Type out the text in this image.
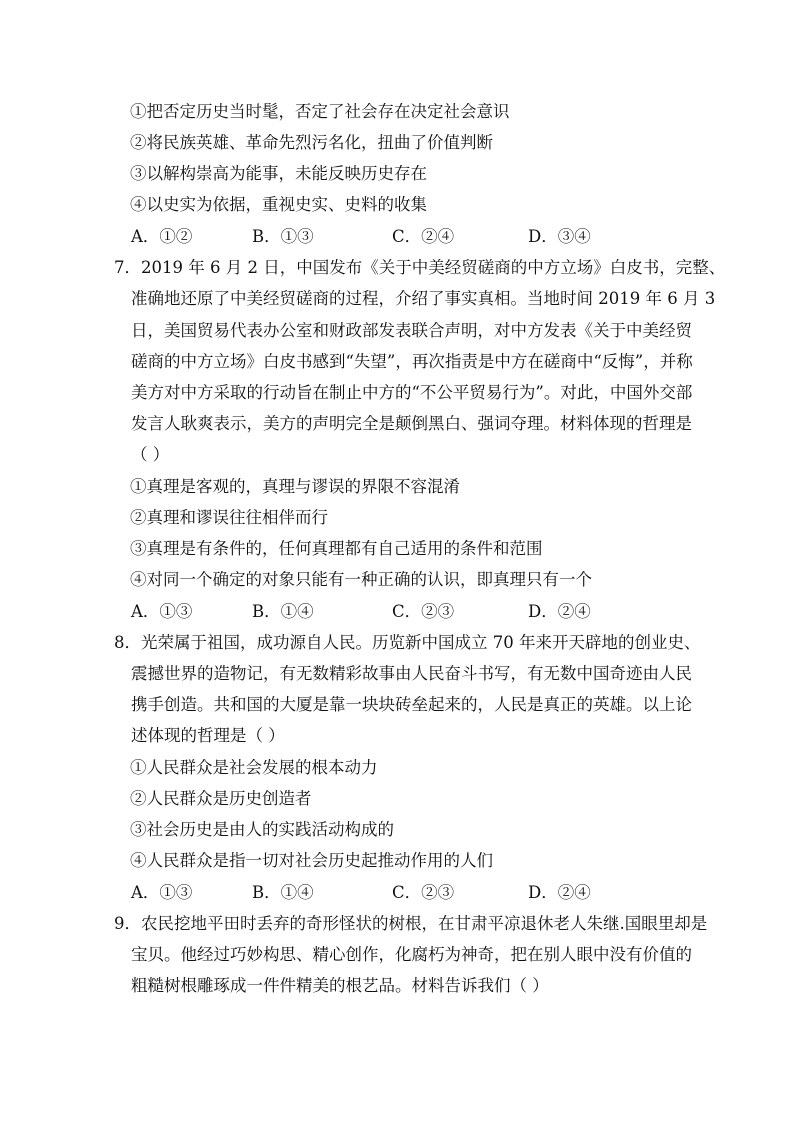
①把否定历史当时髦，否定了社会存在决定社会意识
②将民族英雄、革命先烈污名化，扭曲了价值判断
③以解构崇高为能事，未能反映历史存在
④以史实为依据，重视史实、史料的收集
A．①②	B．①③	C．②④	D．③④
7．2019 年 6 月 2 日，中国发布《关于中美经贸磋商的中方立场》白皮书，完整、
准确地还原了中美经贸磋商的过程，介绍了事实真相。当地时间 2019 年 6 月 3
日，美国贸易代表办公室和财政部发表联合声明，对中方发表《关于中美经贸
磋商的中方立场》白皮书感到“失望”，再次指责是中方在磋商中“反悔”，并称
美方对中方采取的行动旨在制止中方的“不公平贸易行为”。对此，中国外交部
发言人耿爽表示，美方的声明完全是颠倒黑白、强词夺理。材料体现的哲理是
（ ）
①真理是客观的，真理与谬误的界限不容混淆
②真理和谬误往往相伴而行
③真理是有条件的，任何真理都有自己适用的条件和范围
④对同一个确定的对象只能有一种正确的认识，即真理只有一个
A．①③	B．①④	C．②③	D．②④
8．光荣属于祖国，成功源自人民。历览新中国成立 70 年来开天辟地的创业史、
震撼世界的造物记，有无数精彩故事由人民奋斗书写，有无数中国奇迹由人民
携手创造。共和国的大厦是靠一块块砖垒起来的，人民是真正的英雄。以上论
述体现的哲理是（ ）
①人民群众是社会发展的根本动力
②人民群众是历史创造者
③社会历史是由人的实践活动构成的
④人民群众是指一切对社会历史起推动作用的人们
A．①③	B．①④	C．②③	D．②④
9．农民挖地平田时丢弃的奇形怪状的树根，在甘肃平凉退休老人朱继.国眼里却是
宝贝。他经过巧妙构思、精心创作，化腐朽为神奇，把在别人眼中没有价值的
粗糙树根雕琢成一件件精美的根艺品。材料告诉我们（ ）
